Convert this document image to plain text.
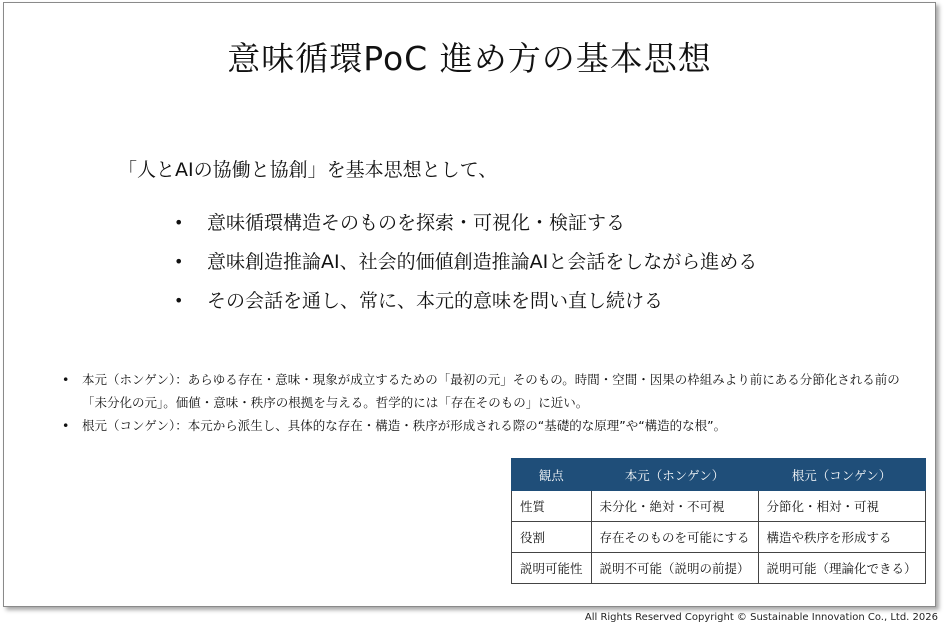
意味循環PoC 進め方の基本思想
「人とAIの協働と協創」を基本思想として、
•	意味循環構造そのものを探索・可視化・検証する
•	意味創造推論AI、社会的価値創造推論AIと会話をしながら進める
•	その会話を通し、常に、本元的意味を問い直し続ける
•	本元（ホンゲン）：あらゆる存在・意味・現象が成立するための「最初の元」そのもの。時間・空間・因果の枠組みより前にある分節化される前の「未分化の元」。価値・意味・秩序の根拠を与える。哲学的には「存在そのもの」に近い。
•	根元（コンゲン）：本元から派生し、具体的な存在・構造・秩序が形成される際の“基礎的な原理”や“構造的な根”。
観点	本元（ホンゲン）	根元（コンゲン）
性質	未分化・絶対・不可視	分節化・相対・可視
役割	存在そのものを可能にする	構造や秩序を形成する
説明可能性	説明不可能（説明の前提）	説明可能（理論化できる）
All Rights Reserved Copyright © Sustainable Innovation Co., Ltd. 2026
